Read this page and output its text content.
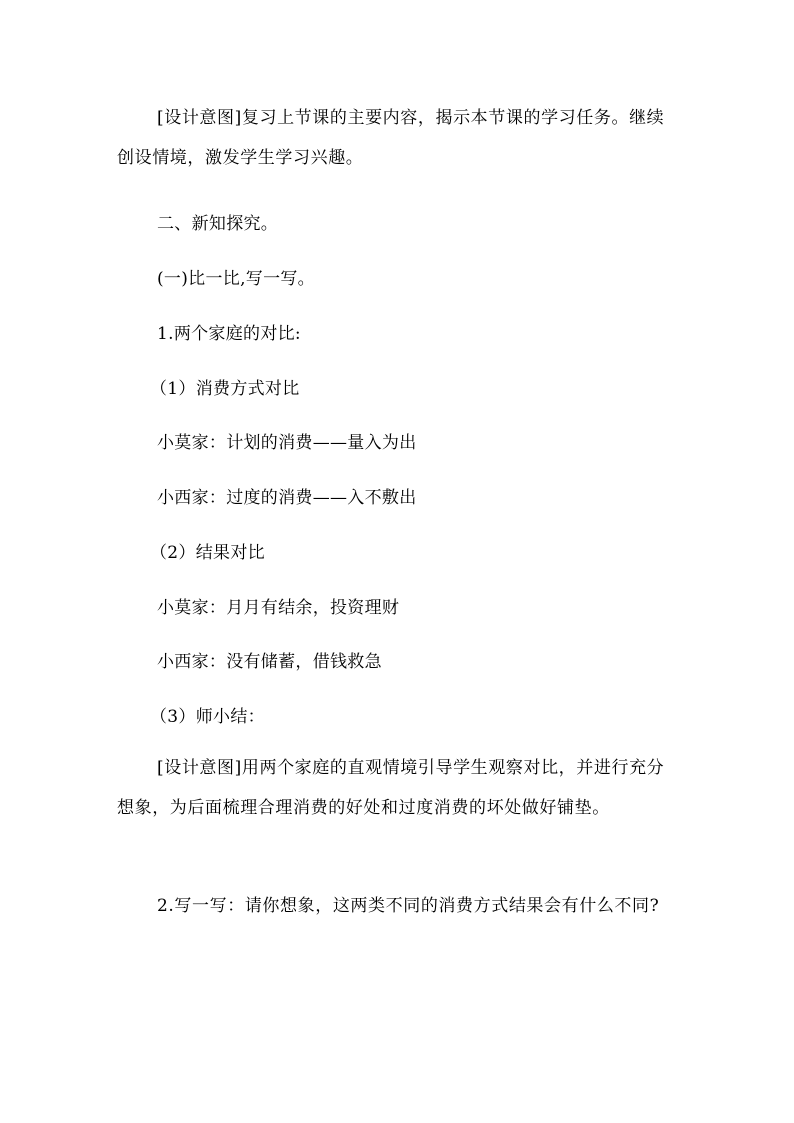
[设计意图]复习上节课的主要内容，揭示本节课的学习任务。继续创设情境，激发学生学习兴趣。

二、新知探究。

(一)比一比,写一写。

1.两个家庭的对比:

（1）消费方式对比

小莫家：计划的消费——量入为出

小西家：过度的消费——入不敷出

（2）结果对比

小莫家：月月有结余，投资理财

小西家：没有储蓄，借钱救急

（3）师小结：

[设计意图]用两个家庭的直观情境引导学生观察对比，并进行充分想象，为后面梳理合理消费的好处和过度消费的坏处做好铺垫。

2.写一写：请你想象，这两类不同的消费方式结果会有什么不同?
